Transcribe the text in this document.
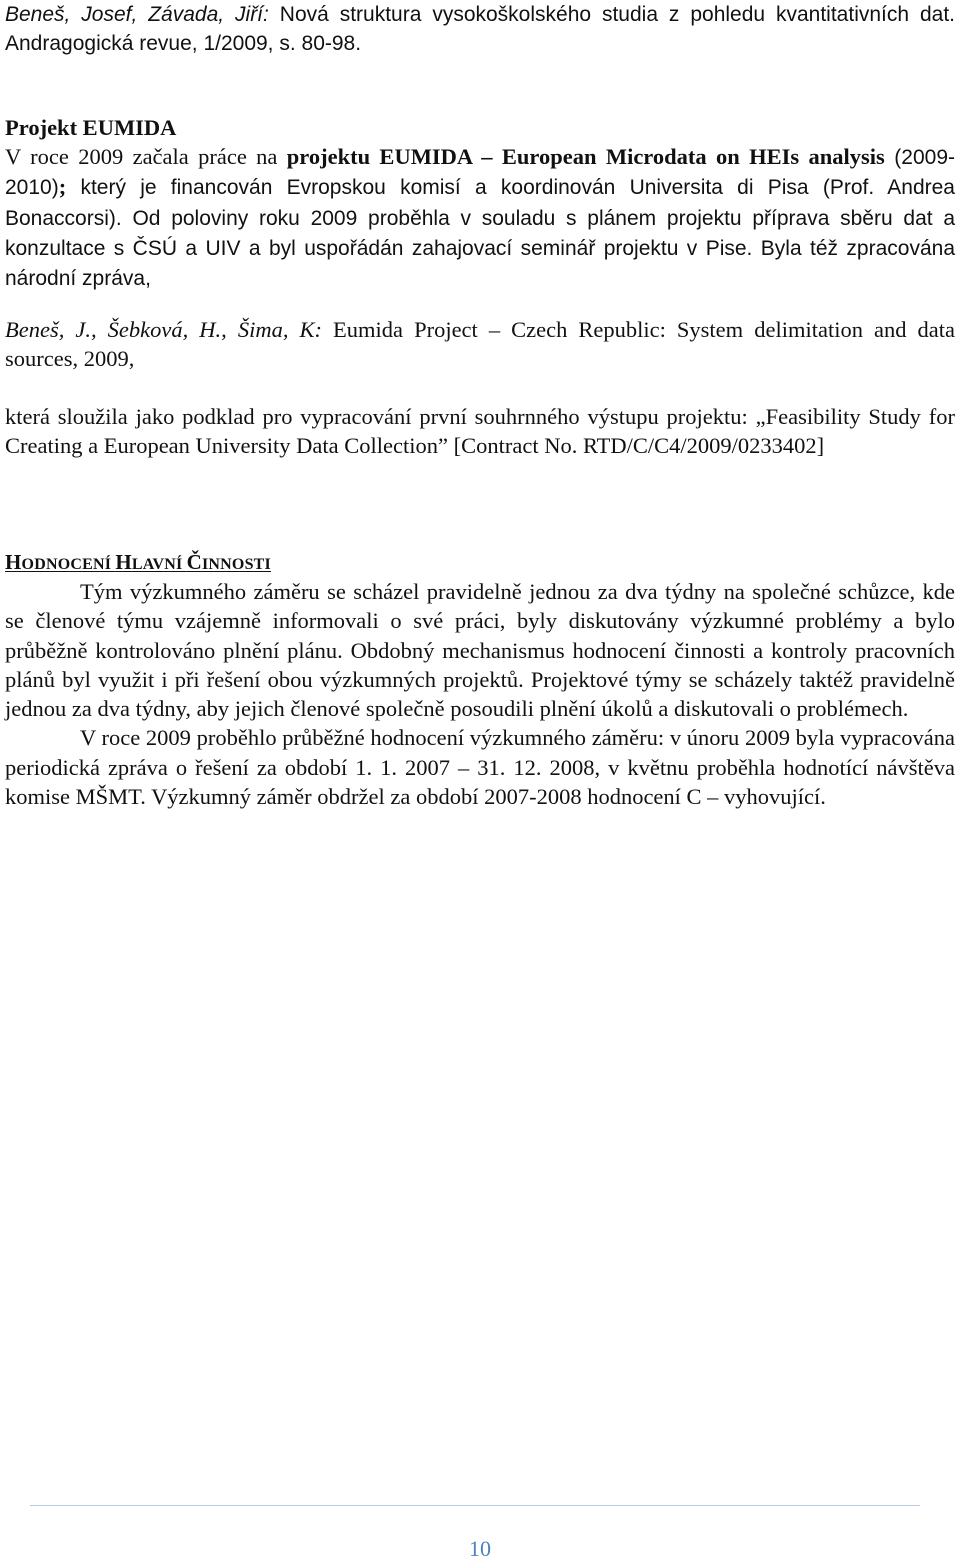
Beneš, Josef, Závada, Jiří: Nová struktura vysokoškolského studia z pohledu kvantitativních dat. Andragogická revue, 1/2009, s. 80-98.
Projekt EUMIDA
V roce 2009 začala práce na projektu EUMIDA – European Microdata on HEIs analysis (2009-2010); který je financován Evropskou komisí a koordinován Universita di Pisa (Prof. Andrea Bonaccorsi). Od poloviny roku 2009 proběhla v souladu s plánem projektu příprava sběru dat a konzultace s ČSÚ a UIV a byl uspořádán zahajovací seminář projektu v Pise. Byla též zpracována národní zpráva,
Beneš, J., Šebková, H., Šima, K: Eumida Project – Czech Republic: System delimitation and data sources, 2009,
která sloužila jako podklad pro vypracování první souhrnného výstupu projektu: „Feasibility Study for Creating a European University Data Collection” [Contract No. RTD/C/C4/2009/0233402]
HODNOCENÍ HLAVNÍ ČINNOSTI

Tým výzkumného záměru se scházel pravidelně jednou za dva týdny na společné schůzce, kde se členové týmu vzájemně informovali o své práci, byly diskutovány výzkumné problémy a bylo průběžně kontrolováno plnění plánu. Obdobný mechanismus hodnocení činnosti a kontroly pracovních plánů byl využit i při řešení obou výzkumných projektů. Projektové týmy se scházely taktéž pravidelně jednou za dva týdny, aby jejich členové společně posoudili plnění úkolů a diskutovali o problémech.

V roce 2009 proběhlo průběžné hodnocení výzkumného záměru: v únoru 2009 byla vypracována periodická zpráva o řešení za období 1. 1. 2007 – 31. 12. 2008, v květnu proběhla hodnotící návštěva komise MŠMT. Výzkumný záměr obdržel za období 2007-2008 hodnocení C – vyhovující.

10
